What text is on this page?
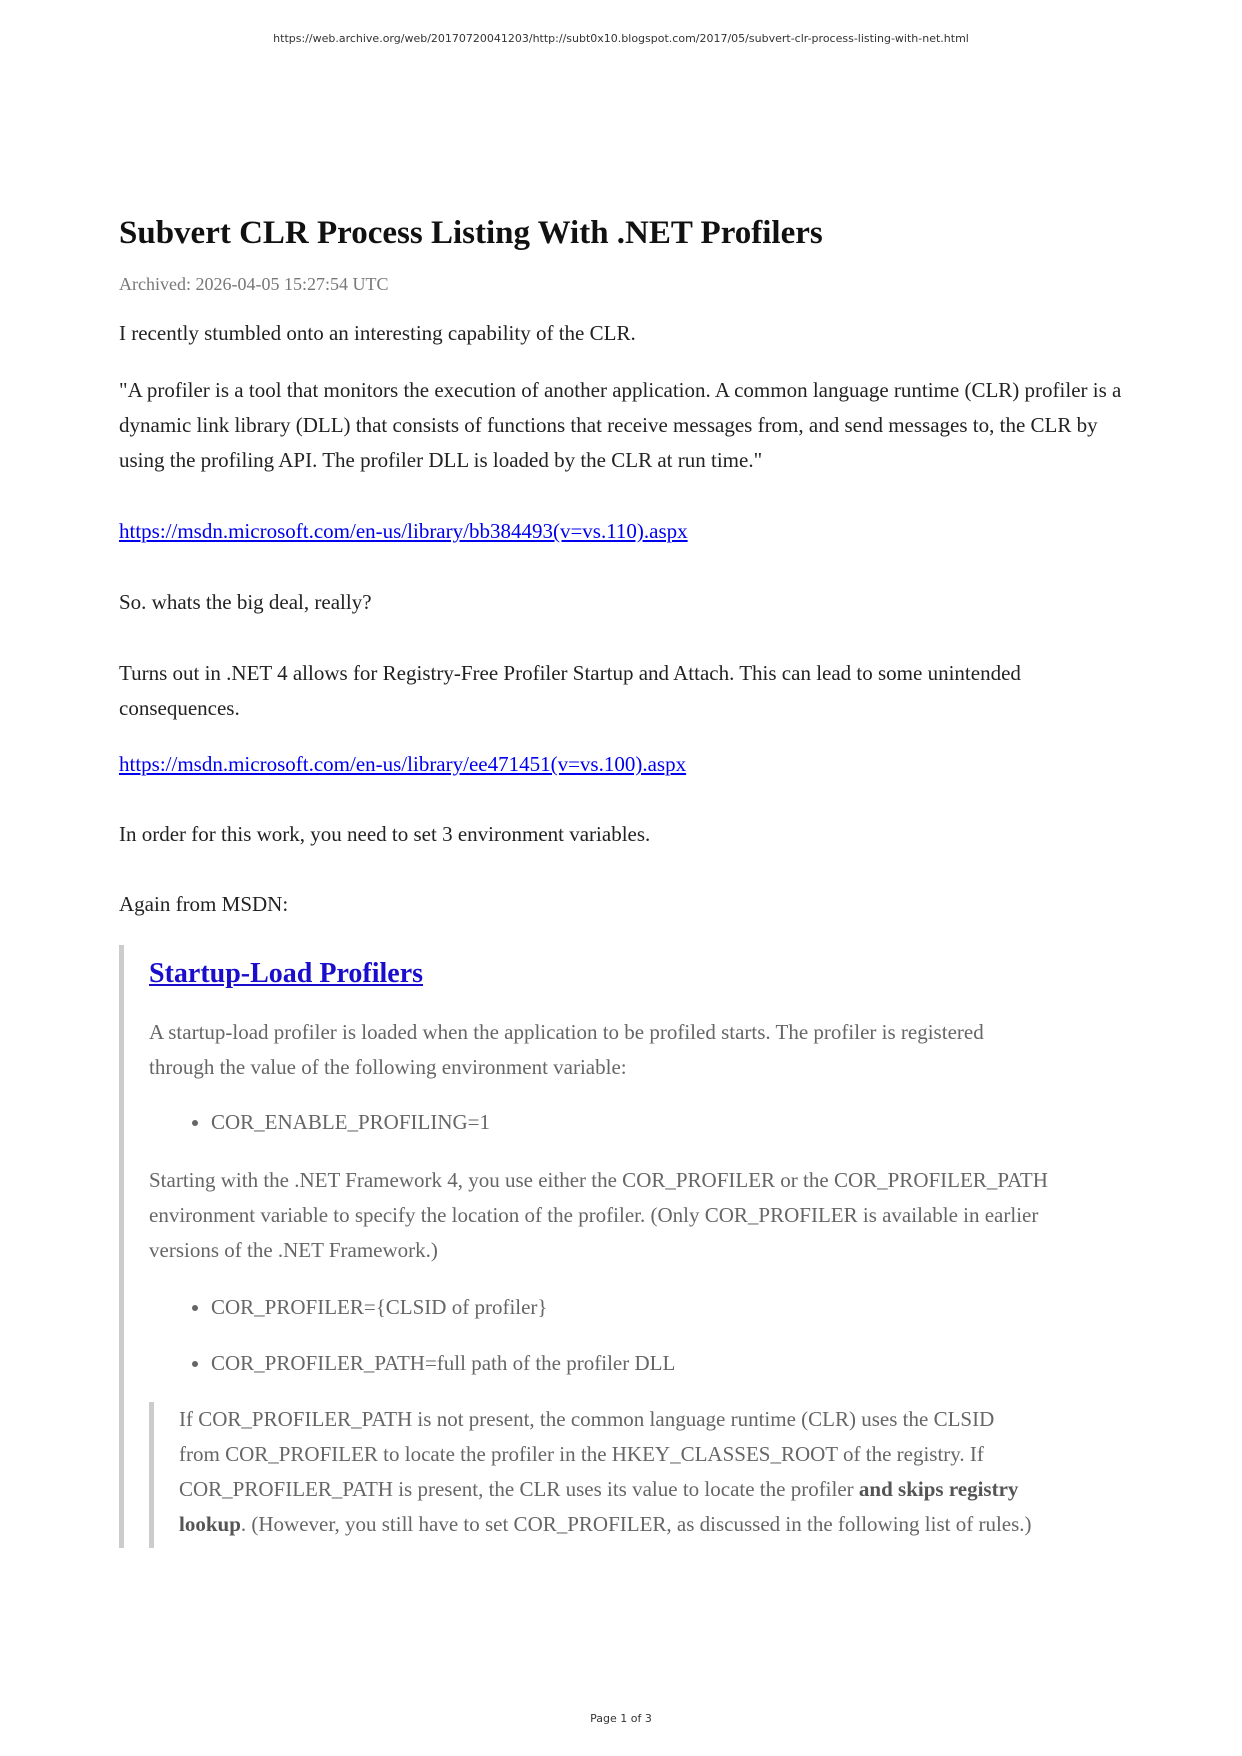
https://web.archive.org/web/20170720041203/http://subt0x10.blogspot.com/2017/05/subvert-clr-process-listing-with-net.html
Subvert CLR Process Listing With .NET Profilers
Archived: 2026-04-05 15:27:54 UTC

I recently stumbled onto an interesting capability of the CLR.

"A profiler is a tool that monitors the execution of another application. A common language runtime (CLR) profiler is a dynamic link library (DLL) that consists of functions that receive messages from, and send messages to, the CLR by using the profiling API. The profiler DLL is loaded by the CLR at run time."

https://msdn.microsoft.com/en-us/library/bb384493(v=vs.110).aspx

So. whats the big deal, really?

Turns out in .NET 4 allows for Registry-Free Profiler Startup and Attach. This can lead to some unintended consequences.

https://msdn.microsoft.com/en-us/library/ee471451(v=vs.100).aspx

In order for this work, you need to set 3 environment variables.

Again from MSDN:

Startup-Load Profilers

A startup-load profiler is loaded when the application to be profiled starts. The profiler is registered through the value of the following environment variable:

• COR_ENABLE_PROFILING=1

Starting with the .NET Framework 4, you use either the COR_PROFILER or the COR_PROFILER_PATH environment variable to specify the location of the profiler. (Only COR_PROFILER is available in earlier versions of the .NET Framework.)

• COR_PROFILER={CLSID of profiler}
• COR_PROFILER_PATH=full path of the profiler DLL

If COR_PROFILER_PATH is not present, the common language runtime (CLR) uses the CLSID from COR_PROFILER to locate the profiler in the HKEY_CLASSES_ROOT of the registry. If COR_PROFILER_PATH is present, the CLR uses its value to locate the profiler and skips registry lookup. (However, you still have to set COR_PROFILER, as discussed in the following list of rules.)

Page 1 of 3
